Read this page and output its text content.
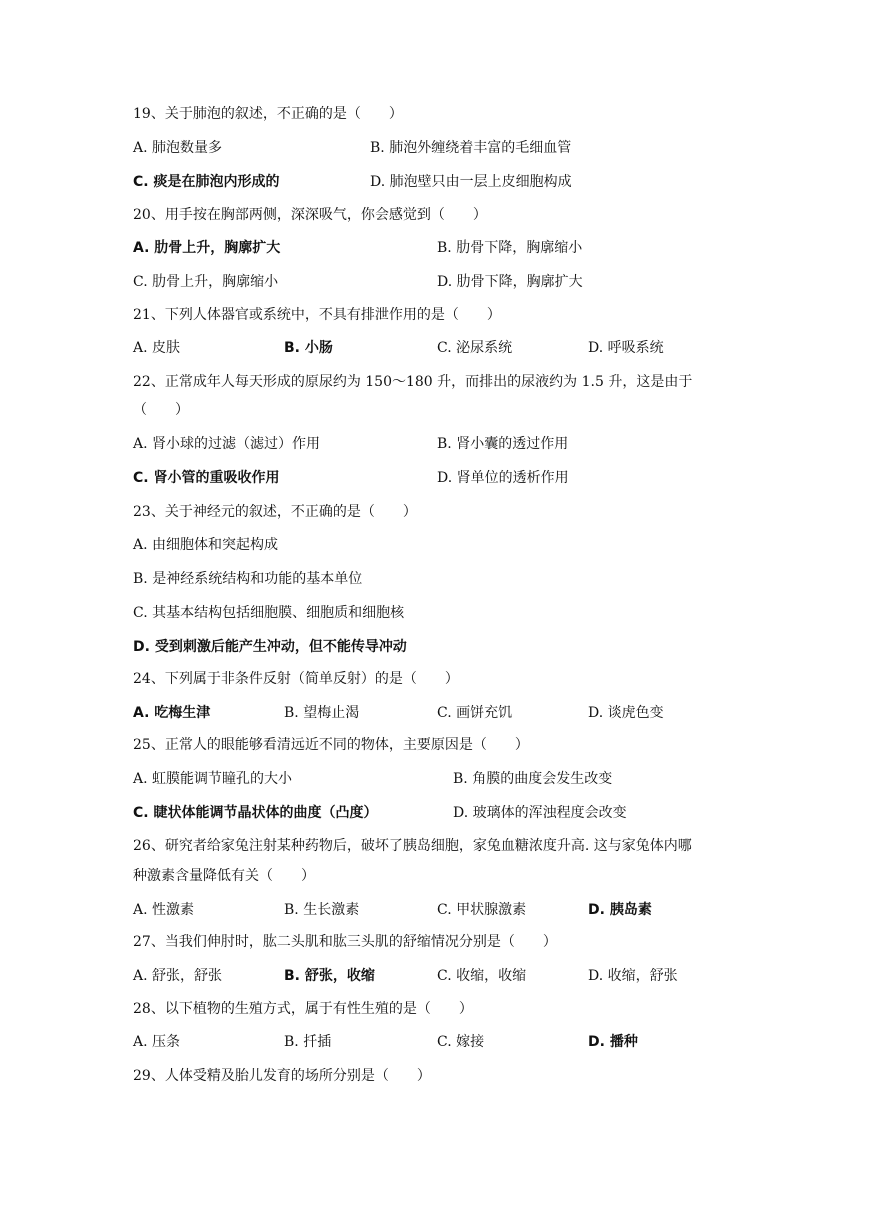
19、关于肺泡的叙述，不正确的是（　　）
A. 肺泡数量多	B. 肺泡外缠绕着丰富的毛细血管
C. 痰是在肺泡内形成的	D. 肺泡壁只由一层上皮细胞构成
20、用手按在胸部两侧，深深吸气，你会感觉到（　　）
A. 肋骨上升，胸廓扩大	B. 肋骨下降，胸廓缩小
C. 肋骨上升，胸廓缩小	D. 肋骨下降，胸廓扩大
21、下列人体器官或系统中，不具有排泄作用的是（　　）
A. 皮肤	B. 小肠	C. 泌尿系统	D. 呼吸系统
22、正常成年人每天形成的原尿约为 150～180 升，而排出的尿液约为 1.5 升，这是由于
（　　）
A. 肾小球的过滤（滤过）作用	B. 肾小囊的透过作用
C. 肾小管的重吸收作用	D. 肾单位的透析作用
23、关于神经元的叙述，不正确的是（　　）
A. 由细胞体和突起构成
B. 是神经系统结构和功能的基本单位
C. 其基本结构包括细胞膜、细胞质和细胞核
D. 受到刺激后能产生冲动，但不能传导冲动
24、下列属于非条件反射（简单反射）的是（　　）
A. 吃梅生津	B. 望梅止渴	C. 画饼充饥	D. 谈虎色变
25、正常人的眼能够看清远近不同的物体，主要原因是（　　）
A. 虹膜能调节瞳孔的大小	B. 角膜的曲度会发生改变
C. 睫状体能调节晶状体的曲度（凸度）	D. 玻璃体的浑浊程度会改变
26、研究者给家兔注射某种药物后，破坏了胰岛细胞，家兔血糖浓度升高. 这与家兔体内哪
种激素含量降低有关（　　）
A. 性激素	B. 生长激素	C. 甲状腺激素	D. 胰岛素
27、当我们伸肘时，肱二头肌和肱三头肌的舒缩情况分别是（　　）
A. 舒张，舒张	B. 舒张，收缩	C. 收缩，收缩	D. 收缩，舒张
28、以下植物的生殖方式，属于有性生殖的是（　　）
A. 压条	B. 扦插	C. 嫁接	D. 播种
29、人体受精及胎儿发育的场所分别是（　　）
